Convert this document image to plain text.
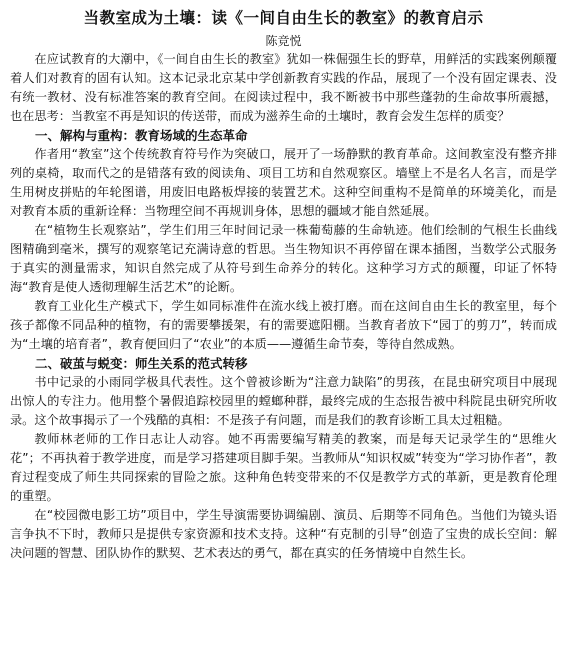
当教室成为土壤：读《一间自由生长的教室》的教育启示
陈竞悦

在应试教育的大潮中，《一间自由生长的教室》犹如一株倔强生长的野草，用鲜活的实践案例颠覆着人们对教育的固有认知。这本记录北京某中学创新教育实践的作品，展现了一个没有固定课表、没有统一教材、没有标准答案的教育空间。在阅读过程中，我不断被书中那些蓬勃的生命故事所震撼，也在思考：当教室不再是知识的传送带，而成为滋养生命的土壤时，教育会发生怎样的质变？

一、解构与重构：教育场域的生态革命

作者用“教室”这个传统教育符号作为突破口，展开了一场静默的教育革命。这间教室没有整齐排列的桌椅，取而代之的是错落有致的阅读角、项目工坊和自然观察区。墙壁上不是名人名言，而是学生用树皮拼贴的年轮图谱，用废旧电路板焊接的装置艺术。这种空间重构不是简单的环境美化，而是对教育本质的重新诠释：当物理空间不再规训身体，思想的疆域才能自然延展。

在“植物生长观察站”，学生们用三年时间记录一株葡萄藤的生命轨迹。他们绘制的气根生长曲线图精确到毫米，撰写的观察笔记充满诗意的哲思。当生物知识不再停留在课本插图，当数学公式服务于真实的测量需求，知识自然完成了从符号到生命养分的转化。这种学习方式的颠覆，印证了怀特海“教育是使人透彻理解生活艺术”的论断。

教育工业化生产模式下，学生如同标准件在流水线上被打磨。而在这间自由生长的教室里，每个孩子都像不同品种的植物，有的需要攀援架，有的需要遮阳棚。当教育者放下“园丁的剪刀”，转而成为“土壤的培育者”，教育便回归了“农业”的本质——遵循生命节奏，等待自然成熟。

二、破茧与蜕变：师生关系的范式转移

书中记录的小雨同学极具代表性。这个曾被诊断为“注意力缺陷”的男孩，在昆虫研究项目中展现出惊人的专注力。他用整个暑假追踪校园里的螳螂种群，最终完成的生态报告被中科院昆虫研究所收录。这个故事揭示了一个残酷的真相：不是孩子有问题，而是我们的教育诊断工具太过粗糙。

教师林老师的工作日志让人动容。她不再需要编写精美的教案，而是每天记录学生的“思维火花”；不再执着于教学进度，而是学习搭建项目脚手架。当教师从“知识权威”转变为“学习协作者”，教育过程变成了师生共同探索的冒险之旅。这种角色转变带来的不仅是教学方式的革新，更是教育伦理的重塑。

在“校园微电影工坊”项目中，学生导演需要协调编剧、演员、后期等不同角色。当他们为镜头语言争执不下时，教师只是提供专家资源和技术支持。这种“有克制的引导”创造了宝贵的成长空间：解决问题的智慧、团队协作的默契、艺术表达的勇气，都在真实的任务情境中自然生长。
